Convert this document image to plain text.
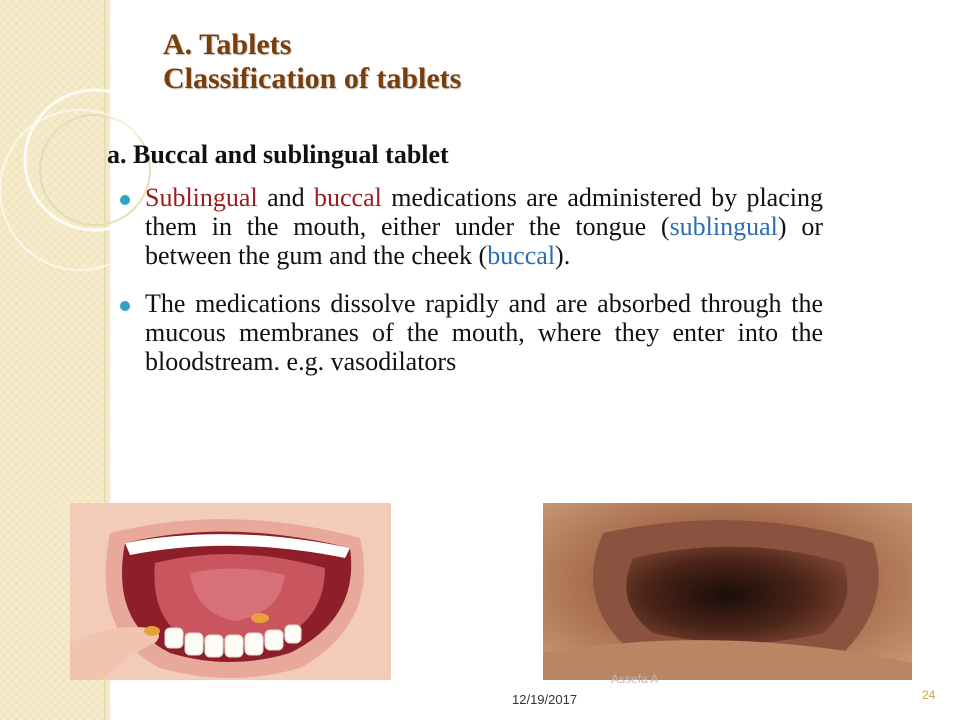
A. Tablets
Classification of tablets
a. Buccal and sublingual tablet
Sublingual and buccal medications are administered by placing them in the mouth, either under the tongue (sublingual) or between the gum and the cheek (buccal).
The medications dissolve rapidly and are absorbed through the mucous membranes of the mouth, where they enter into the bloodstream. e.g. vasodilators
Assefa A
12/19/2017	24
